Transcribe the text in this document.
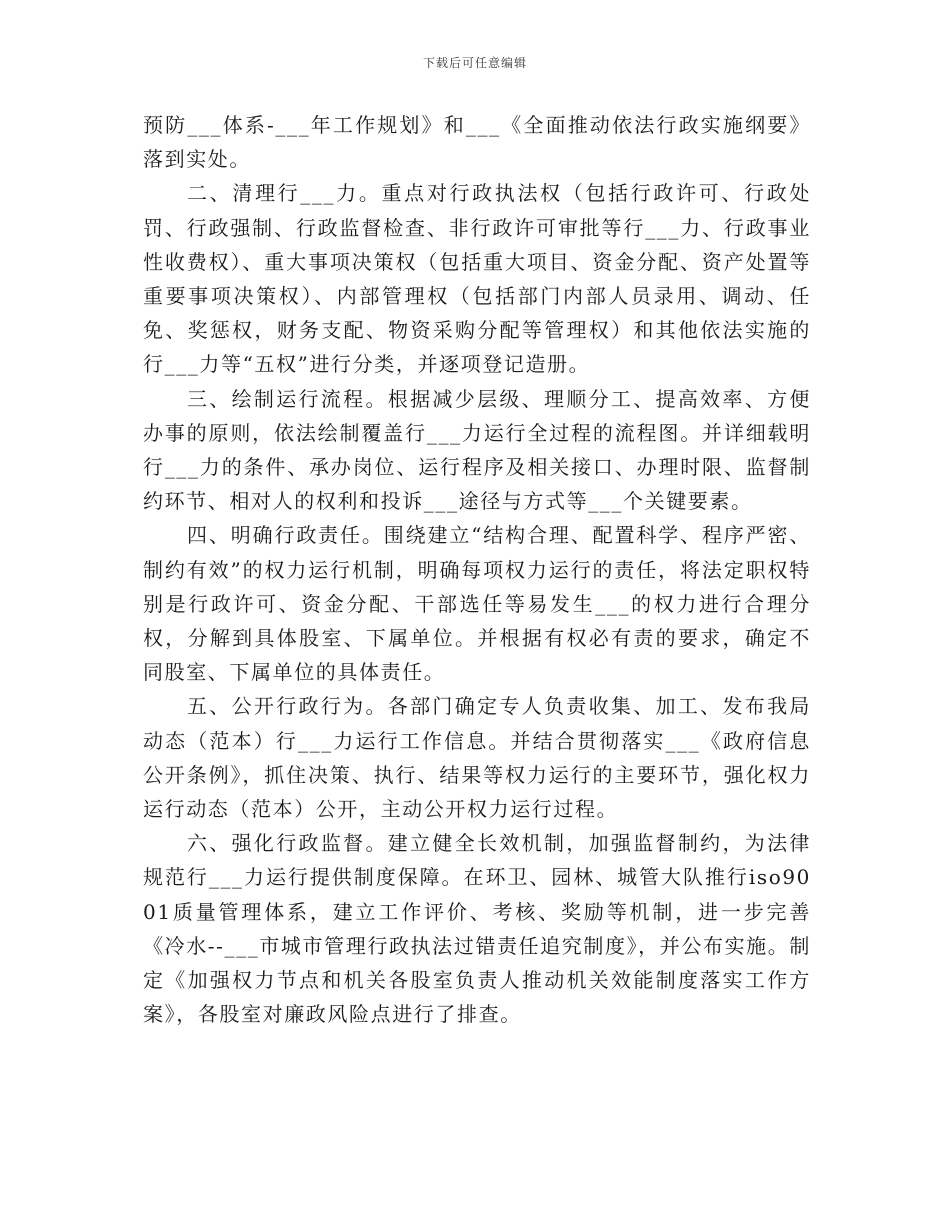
下载后可任意编辑

预防___体系-___年工作规划》和___《全面推动依法行政实施纲要》落到实处。

二、清理行___力。重点对行政执法权（包括行政许可、行政处罚、行政强制、行政监督检查、非行政许可审批等行___力、行政事业性收费权）、重大事项决策权（包括重大项目、资金分配、资产处置等重要事项决策权）、内部管理权（包括部门内部人员录用、调动、任免、奖惩权，财务支配、物资采购分配等管理权）和其他依法实施的行___力等“五权”进行分类，并逐项登记造册。

三、绘制运行流程。根据减少层级、理顺分工、提高效率、方便办事的原则，依法绘制覆盖行___力运行全过程的流程图。并详细载明行___力的条件、承办岗位、运行程序及相关接口、办理时限、监督制约环节、相对人的权利和投诉___途径与方式等___个关键要素。

四、明确行政责任。围绕建立“结构合理、配置科学、程序严密、制约有效”的权力运行机制，明确每项权力运行的责任，将法定职权特别是行政许可、资金分配、干部选任等易发生___的权力进行合理分权，分解到具体股室、下属单位。并根据有权必有责的要求，确定不同股室、下属单位的具体责任。

五、公开行政行为。各部门确定专人负责收集、加工、发布我局动态（范本）行___力运行工作信息。并结合贯彻落实___《政府信息公开条例》，抓住决策、执行、结果等权力运行的主要环节，强化权力运行动态（范本）公开，主动公开权力运行过程。

六、强化行政监督。建立健全长效机制，加强监督制约，为法律规范行___力运行提供制度保障。在环卫、园林、城管大队推行iso9001质量管理体系，建立工作评价、考核、奖励等机制，进一步完善《冷水--___市城市管理行政执法过错责任追究制度》，并公布实施。制定《加强权力节点和机关各股室负责人推动机关效能制度落实工作方案》，各股室对廉政风险点进行了排查。
